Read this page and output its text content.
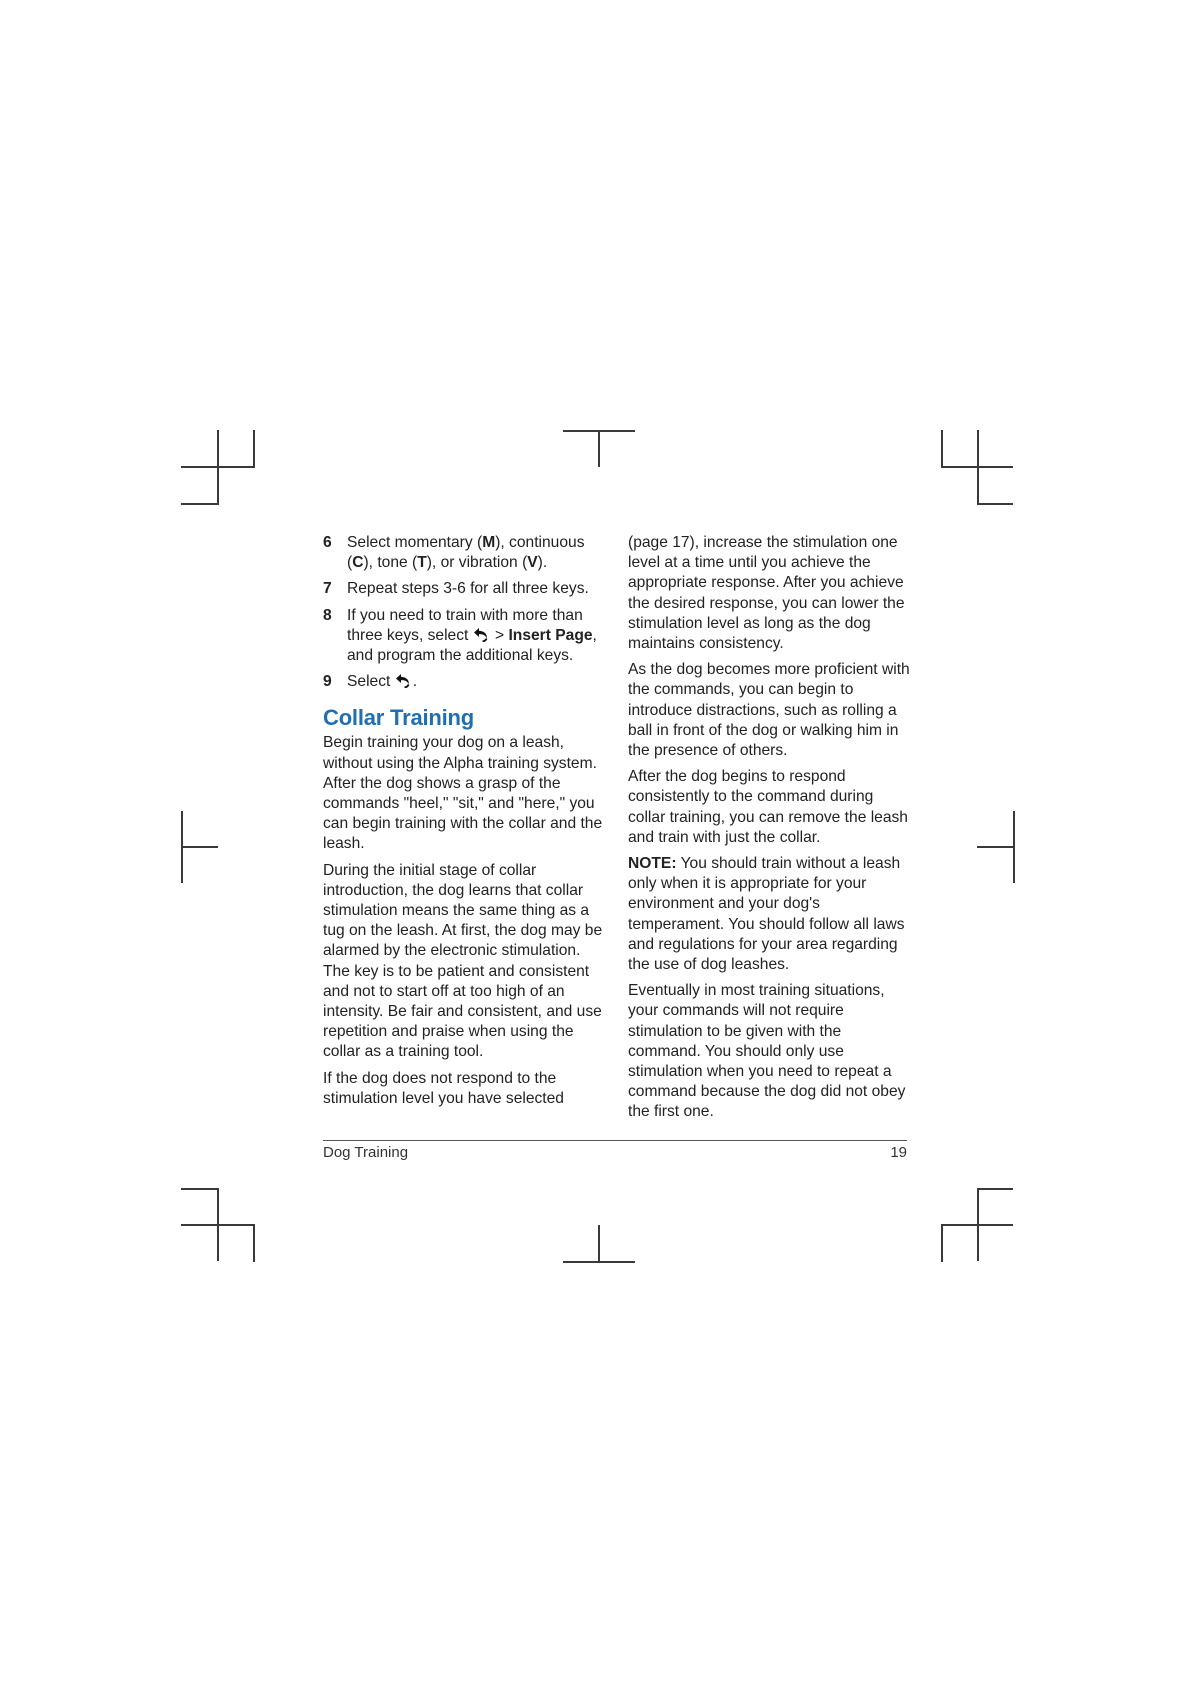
6 Select momentary (M), continuous (C), tone (T), or vibration (V).
7 Repeat steps 3-6 for all three keys.
8 If you need to train with more than three keys, select  > Insert Page, and program the additional keys.
9 Select .
Collar Training

Begin training your dog on a leash, without using the Alpha training system. After the dog shows a grasp of the commands "heel," "sit," and "here," you can begin training with the collar and the leash.

During the initial stage of collar introduction, the dog learns that collar stimulation means the same thing as a tug on the leash. At first, the dog may be alarmed by the electronic stimulation. The key is to be patient and consistent and not to start off at too high of an intensity. Be fair and consistent, and use repetition and praise when using the collar as a training tool.

If the dog does not respond to the stimulation level you have selected

(page 17), increase the stimulation one level at a time until you achieve the appropriate response. After you achieve the desired response, you can lower the stimulation level as long as the dog maintains consistency.

As the dog becomes more proficient with the commands, you can begin to introduce distractions, such as rolling a ball in front of the dog or walking him in the presence of others.

After the dog begins to respond consistently to the command during collar training, you can remove the leash and train with just the collar.

NOTE: You should train without a leash only when it is appropriate for your environment and your dog's temperament. You should follow all laws and regulations for your area regarding the use of dog leashes.

Eventually in most training situations, your commands will not require stimulation to be given with the command. You should only use stimulation when you need to repeat a command because the dog did not obey the first one.

Dog Training	19
